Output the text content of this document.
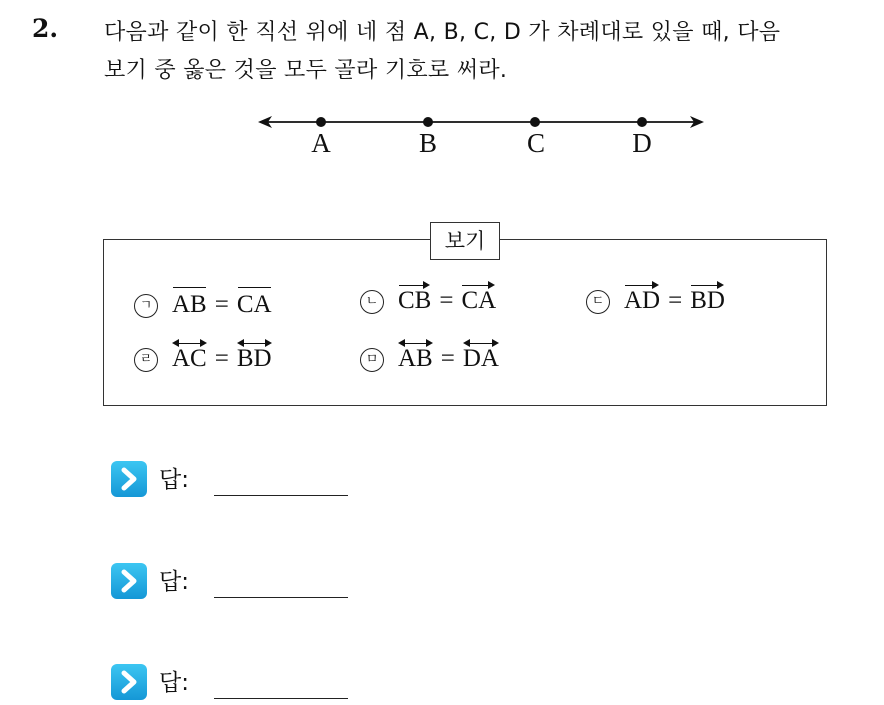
2. 다음과 같이 한 직선 위에 네 점 A, B, C, D 가 차례대로 있을 때, 다음
보기 중 옳은 것을 모두 골라 기호로 써라.
A	B	C	D
보기
ㄱ AB = CA	ㄴ CB = CA	ㄷ AD = BD
ㄹ AC = BD	ㅁ AB = DA
답:
답:
답:
